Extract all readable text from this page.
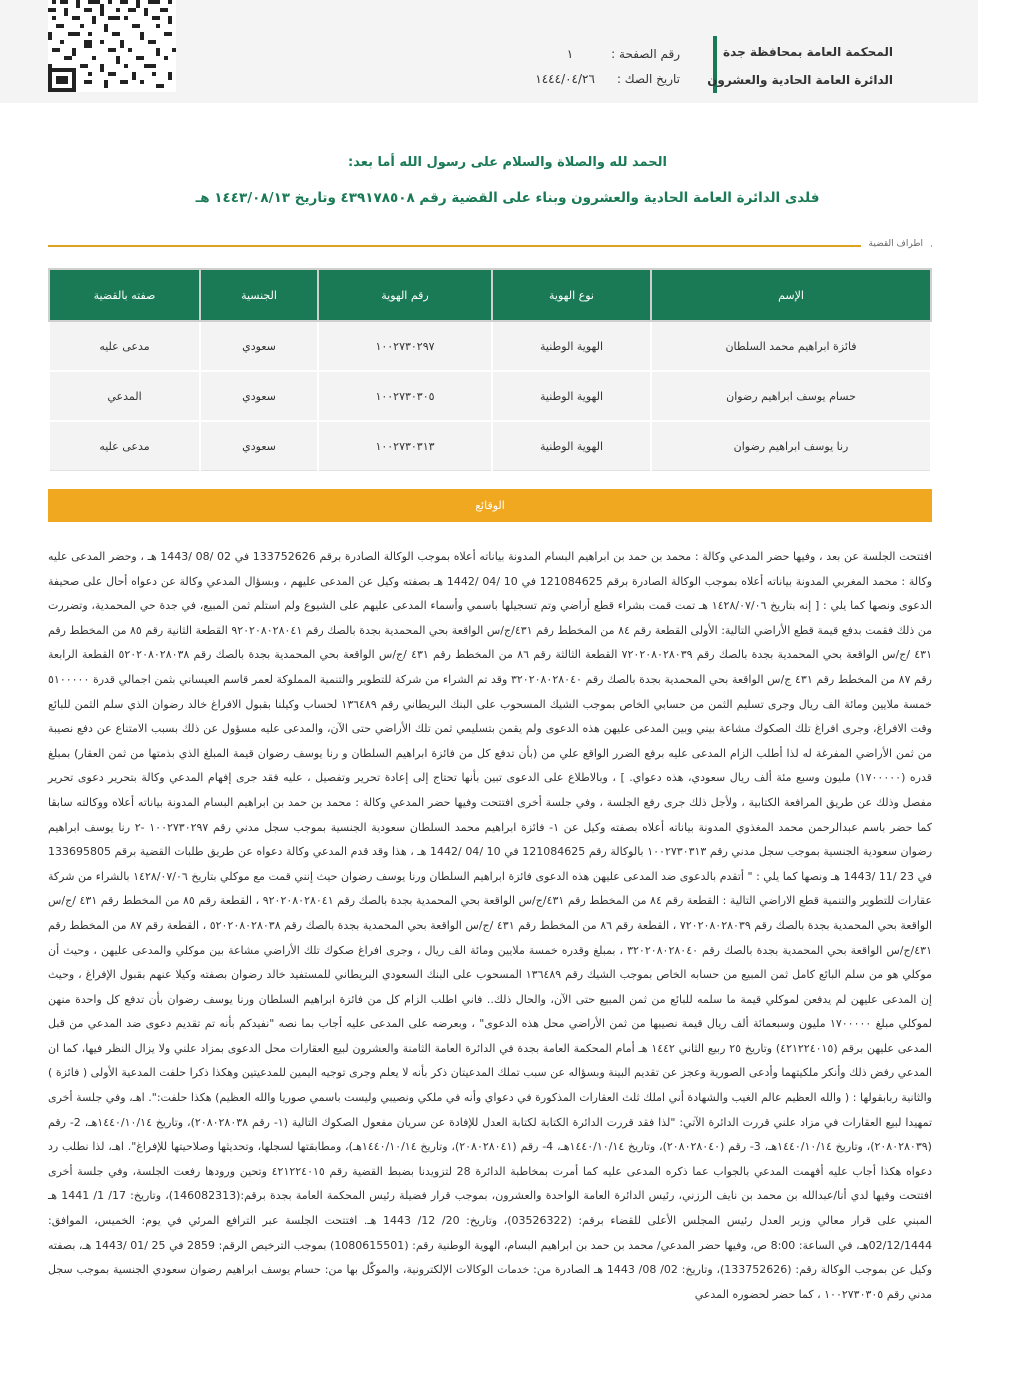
رقم الصفحة :
١
تاريخ الصك :
١٤٤٤/٠٤/٢٦
المحكمة العامة بمحافظة جدة
الدائرة العامة الحادية والعشرون
الحمد لله والصلاة والسلام على رسول الله أما بعد:
فلدى الدائرة العامة الحادية والعشرون وبناء على القضية رقم ٤٣٩١٧٨٥٠٨ وتاريخ ١٤٤٣/٠٨/١٣ هـ
اطراف القضية
الإسم	نوع الهوية	رقم الهوية	الجنسية	صفته بالقضية
فائزة ابراهيم محمد السلطان	الهوية الوطنية	١٠٠٢٧٣٠٢٩٧	سعودي	مدعى عليه
حسام يوسف ابراهيم رضوان	الهوية الوطنية	١٠٠٢٧٣٠٣٠٥	سعودي	المدعي
رنا يوسف ابراهيم رضوان	الهوية الوطنية	١٠٠٢٧٣٠٣١٣	سعودي	مدعى عليه
الوقائع

افتتحت الجلسة عن بعد ، وفيها حضر المدعي وكالة : محمد بن حمد بن ابراهيم البسام المدونة بياناته أعلاه بموجب الوكالة الصادرة برقم 133752626 في 02 /08 /1443 هـ ، وحضر المدعى عليه وكالة : محمد المغربي المدونة بياناته أعلاه بموجب الوكالة الصادرة برقم 121084625 في 10 /04 /1442 هـ بصفته وكيل عن المدعى عليهم ، وبسؤال المدعي وكالة عن دعواه أحال على صحيفة الدعوى ونصها كما يلي : [ إنه بتاريخ ١٤٢٨/٠٧/٠٦ هـ تمت قمت بشراء قطع أراضي وتم تسجيلها باسمي وأسماء المدعى عليهم على الشيوع ولم استلم ثمن المبيع، في جدة حي المحمدية، وتضررت من ذلك فقمت بدفع قيمة قطع الأراضي التالية: الأولى القطعة رقم ٨٤ من المخطط رقم ٤٣١/ج/س الواقعة بحي المحمدية بجدة بالصك رقم ٩٢٠٢٠٨٠٢٨٠٤١ القطعة الثانية رقم ٨٥ من المخطط رقم ٤٣١ /ج/س الواقعة بحي المحمدية بجدة بالصك رقم ٧٢٠٢٠٨٠٢٨٠٣٩ القطعة الثالثة رقم ٨٦ من المخطط رقم ٤٣١ /ج/س الواقعة بحي المحمدية بجدة بالصك رقم ٥٢٠٢٠٨٠٢٨٠٣٨ القطعة الرابعة رقم ٨٧ من المخطط رقم ٤٣١ ج/س الواقعة بحي المحمدية بجدة بالصك رقم ٣٢٠٢٠٨٠٢٨٠٤٠ وقد تم الشراء من شركة للتطوير والتنمية المملوكة لعمر قاسم العيساني بثمن اجمالي قدرة ٥١٠٠٠٠٠ خمسة ملايين ومائة الف ريال وجرى تسليم الثمن من حسابي الخاص بموجب الشيك المسحوب على البنك البريطاني رقم ١٣٦٤٨٩ لحساب وكيلنا بقبول الافراغ خالد رضوان الذي سلم الثمن للبائع وقت الافراغ، وجرى افراغ تلك الصكوك مشاعة بيني وبين المدعى عليهن هذه الدعوى ولم يقمن بتسليمي ثمن تلك الأراضي حتى الآن، والمدعى عليه مسؤول عن ذلك بسبب الامتناع عن دفع نصيبة من ثمن الأراضي المفرغة له لذا أطلب الزام المدعى عليه برفع الضرر الواقع علي من (بأن تدفع كل من فائزة ابراهيم السلطان و رنا يوسف رضوان قيمة المبلغ الذي بذمتها من ثمن العقار) بمبلغ قدره (١٧٠٠٠٠٠) مليون وسبع مئة ألف ريال سعودي، هذه دعواي. ] ، وبالاطلاع على الدعوى تبين بأنها تحتاج إلى إعادة تحرير وتفصيل ، عليه فقد جرى إفهام المدعي وكالة بتحرير دعوى تحرير مفصل وذلك عن طريق المرافعة الكتابية ، ولأجل ذلك جرى رفع الجلسة ، وفي جلسة أخرى افتتحت وفيها حضر المدعي وكالة : محمد بن حمد بن ابراهيم البسام المدونة بياناته أعلاه ووكالته سابقا كما حضر باسم عبدالرحمن محمد المغذوي المدونة بياناته أعلاه بصفته وكيل عن ١- فائزة ابراهيم محمد السلطان سعودية الجنسية بموجب سجل مدني رقم ١٠٠٢٧٣٠٢٩٧ -٢ رنا يوسف ابراهيم رضوان سعودية الجنسية بموجب سجل مدني رقم ١٠٠٢٧٣٠٣١٣ بالوكالة رقم 121084625 في 10 /04 /1442 هـ ، هذا وقد قدم المدعي وكالة دعواه عن طريق طلبات القضية برقم 133695805 في 23 /11 /1443 هـ ونصها كما يلي : " أتقدم بالدعوى ضد المدعى عليهن هذه الدعوى فائزة ابراهيم السلطان ورنا يوسف رضوان حيث إنني قمت مع موكلي بتاريخ ١٤٢٨/٠٧/٠٦ بالشراء من شركة عقارات للتطوير والتنمية قطع الاراضي التالية : القطعة رقم ٨٤ من المخطط رقم ٤٣١/ج/س الواقعة بحي المحمدية بجدة بالصك رقم ٩٢٠٢٠٨٠٢٨٠٤١ ، القطعة رقم ٨٥ من المخطط رقم ٤٣١ /ج/س الواقعة بحي المحمدية بجدة بالصك رقم ٧٢٠٢٠٨٠٢٨٠٣٩ ، القطعة رقم ٨٦ من المخطط رقم ٤٣١ /ج/س الواقعة بحي المحمدية بجدة بالصك رقم ٥٢٠٢٠٨٠٢٨٠٣٨ ، القطعة رقم ٨٧ من المخطط رقم ٤٣١/ج/س الواقعة بحي المحمدية بجدة بالصك رقم ٣٢٠٢٠٨٠٢٨٠٤٠ ، بمبلغ وقدره خمسة ملايين ومائة الف ريال ، وجرى افراغ صكوك تلك الأراضي مشاعة بين موكلي والمدعى عليهن ، وحيث أن موكلي هو من سلم البائع كامل ثمن المبيع من حسابه الخاص بموجب الشيك رقم ١٣٦٤٨٩ المسحوب على البنك السعودي البريطاني للمستفيد خالد رضوان بصفته وكيلا عنهم بقبول الإفراغ ، وحيث إن المدعى عليهن لم يدفعن لموكلي قيمة ما سلمه للبائع من ثمن المبيع حتى الآن، والحال ذلك.. فاني اطلب الزام كل من فائزة ابراهيم السلطان ورنا يوسف رضوان بأن تدفع كل واحدة منهن لموكلي مبلغ ١٧٠٠٠٠٠ مليون وسبعمائة ألف ريال قيمة نصيبها من ثمن الأراضي محل هذه الدعوى" ، وبعرضه على المدعى عليه أجاب بما نصه "نفيدكم بأنه تم تقديم دعوى ضد المدعي من قبل المدعى عليهن برقم (٤٢١٢٢٤٠١٥) وتاريخ ٢٥ ربيع الثاني ١٤٤٢ هـ أمام المحكمة العامة بجدة في الدائرة العامة الثامنة والعشرون لبيع العقارات محل الدعوى بمزاد علني ولا يزال النظر فيها، كما ان المدعي رفض ذلك وأنكر ملكيتهما وأدعى الصورية وعجز عن تقديم البينة وبسؤاله عن سبب تملك المدعيتان ذكر بأنه لا يعلم وجرى توجيه اليمين للمدعيتين وهكذا ذكرا حلفت المدعية الأولى ( فائزة ) والثانية ربابقولها : ( والله العظيم عالم الغيب والشهادة أني املك ثلث العقارات المذكورة في دعواي وأنه في ملكي ونصيبي وليست باسمي صوريا والله العظيم) هكذا حلفت:". اهـ، وفي جلسة أخرى تمهيدا لبيع العقارات في مزاد علني قررت الدائرة الآتي: "لذا فقد قررت الدائرة الكتابة لكتابة العدل للإفادة عن سريان مفعول الصكوك التالية (١- رقم ٢٠٨٠٢٨٠٣٨)، وتاريخ ١٤٤٠/١٠/١٤هـ، 2- رقم (٢٠٨٠٢٨٠٣٩)، وتاريخ ١٤٤٠/١٠/١٤هـ، 3- رقم (٢٠٨٠٢٨٠٤٠)، وتاريخ ١٤٤٠/١٠/١٤هـ، 4- رقم (٢٠٨٠٢٨٠٤١)، وتاريخ ١٤٤٠/١٠/١٤هـ)، ومطابقتها لسجلها، وتحديثها وصلاحيتها للإفراغ". اهـ، لذا نطلب رد دعواه هكذا أجاب عليه أفهمت المدعي بالجواب عما ذكره المدعى عليه كما أمرت بمخاطبة الدائرة 28 لتزويدنا بضبط القضية رقم ٤٢١٢٢٤٠١٥ وتحين ورودها رفعت الجلسة، وفي جلسة أخرى افتتحت وفيها لدي أنا/عبدالله بن محمد بن نايف الرزني، رئيس الدائرة العامة الواحدة والعشرون، بموجب قرار فضيلة رئيس المحكمة العامة بجدة برقم:(146082313)، وتاريخ: 17/ 1/ 1441 هـ المبني على قرار معالي وزير العدل رئيس المجلس الأعلى للقضاء برقم: (03526322)، وتاريخ: 20/ 12/ 1443 هـ. افتتحت الجلسة عبر الترافع المرئي في يوم: الخميس، الموافق: 02/12/1444هـ، في الساعة: 8:00 ص، وفيها حضر المدعي/ محمد بن حمد بن ابراهيم البسام، الهوية الوطنية رقم: (1080615501) بموجب الترخيص الرقم: 2859 في 25 /01 /1443 هـ، بصفته وكيل عن بموجب الوكالة رقم: (133752626)، وتاريخ: 02/ 08/ 1443 هـ الصادرة من: خدمات الوكالات الإلكترونية، والموكّل بها من: حسام يوسف ابراهيم رضوان سعودي الجنسية بموجب سجل مدني رقم ١٠٠٢٧٣٠٣٠٥ ، كما حضر لحضوره المدعي
